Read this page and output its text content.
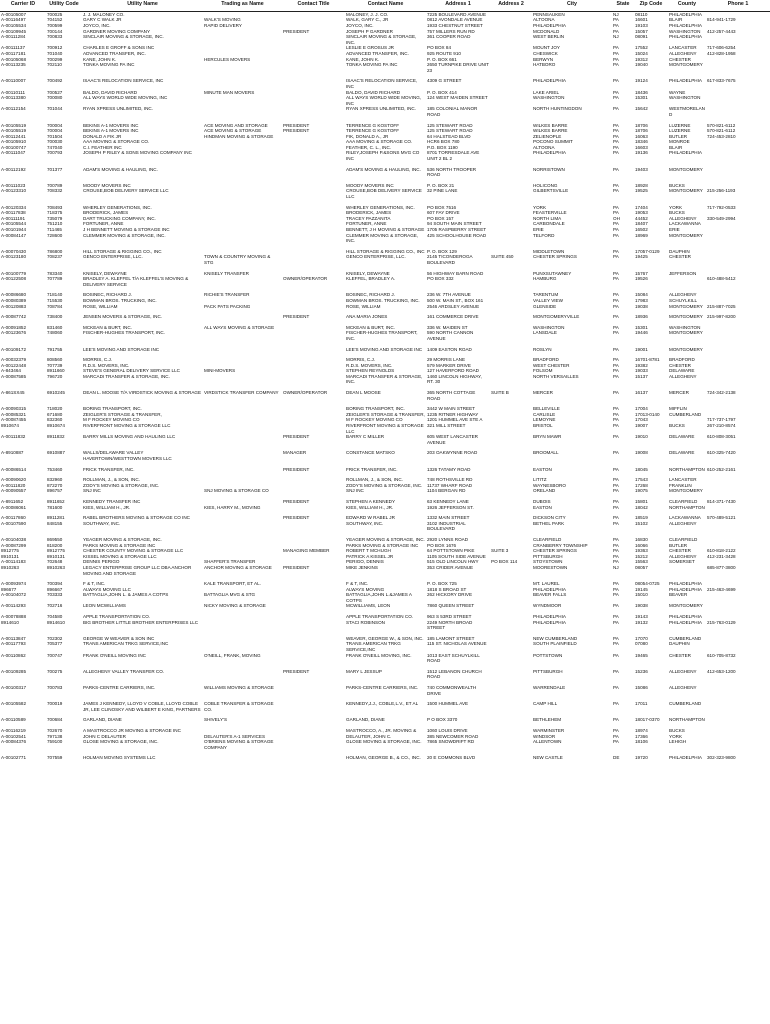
Carrier ID	Utility Code	Utility Name	Trading as Name	Contact Title	Contact Name	Address 1	Address 2	City	State	Zip Code	County	Phone 1
A-00105007	700025	J. J. MALONEY CO.			MALONEY, J. J. CO.	7225 BOULEVARD AVENUE		PENNSAUKEN	NJ	08110	PHILADELPHIA	
A-00116497	704152	GARY C WALK JR	WALK'S MOVING		WALK, GARY C., JR	0812 AVONDALE AVENUE		ALTOONA	PA	16601	BLAIR	814-941-1729
A-00105534	700599	JOYCO, INC.	RAPID DELIVERY		JOYCO, INC.	1933 CHESTNUT STREET		PHILADELPHIA	PA	19103	PHILADELPHIA	
A-00109945	700144	GARDNER MOVING COMPANY		PRESIDENT	JOSEPH P GARDNER	757 MILLERS RUN RD		MCDONALD	PA	15057	WASHINGTON	412-257-4443
A-00111284	700833	SINCLAIR MOVING & STORAGE, INC.			SINCLAIR MOVING & STORAGE, INC.	361 COOPER ROAD		WEST BERLIN	NJ	08091	PHILADELPHIA	
A-00111137	700912	CHARLES E GROFF & SONS INC			LESLIE E GROSUS JR	PO BOX 84		MOUNT JOY	PA	17552	LANCASTER	717-606-6254
A-00117181	701040	ADVANCED TRANSFER, INC.			ADVANCED TRANSFER, INC.	925 ROUTE 910		CHESWICK	PA	15024	ALLEGHENY	412-828-1958
A-00105068	700299	KANE, JOHN K.	HERCULES MOVERS		KANE, JOHN K.	P. O. BOX 661		BERWYN	PA	19312	CHESTER	
A-00113235	702110	TONKA MOVING PA INC			TONKA MOVING PA INC	2650 TURNPIKE DRIVE UNIT 23		HATBORO	PA	19040	MONTGOMERY	

A-00110007	700492	ISAAC'S RELOCATION SERVICE, INC			ISAAC'S RELOCATION SERVICE, INC	4309 G STREET		PHILADELPHIA	PA	19124	PHILADELPHIA	617-833-7675
A-00110111	700527	BALDO, DAVID RICHARD	MINUTE MAN MOVERS		BALDO, DAVID RICHARD	P. O. BOX 414		LAKE ARIEL	PA	18436	WAYNE	
A-00113380	700080	ALL WAYS WORLD WIDE MOVING, INC			ALL WAYS WORLD WIDE MOVING, INC	124 WEST MAIDEN STREET		WASHINGTON	PA	15301	WASHINGTON	
A-00112154	701044	RYAN XPRESS UNLIMITED, INC.			RYAN XPRESS UNLIMITED, INC.	185 COLONIAL MANOR ROAD		NORTH HUNTINGDON	PA	15642	WESTMORELAND	

A-00105519	700004	BEKINS A-1 MOVERS INC	ACE MOVING AND STORAGE	PRESIDENT	TERRENCE G KOSTOFF	125 STEWART ROAD		WILKES BARRE	PA	18706	LUZERNE	570-821-6112
A-00105519	700004	BEKINS A-1 MOVERS INC	ACE MOVING & STORAGE	PRESIDENT	TERRENCE G KOSTOFF	125 STEWART ROAD		WILKES BARRE	PA	18706	LUZERNE	570-821-6112
A-00112441	701504	DONALD A FIK JR	HINDMAN MOVING & STORAGE		FIK, DONALD A., JR	64 HALSTEAD BLVD		ZELIENOPLE	PA	16063	BUTLER	724-453-2810
A-00105910	700030	AAA MOVING & STORAGE CO.			AAA MOVING & STORAGE CO.	HCR6 BOX 780		POCONO SUMMIT	PA	18346	MONROE	
A-00100747	747040	C.I. FEATHER INC			FEATHER, C. L., INC.	P.O. BOX 1190		ALTOONA	PA	16603	BLAIR	
A-00111047	700793	JOSEPH P RILEY & SONS MOVING COMPANY INC			RILEY,JOSEPH P.&SONS MVG CO INC	8701 TORRESDALE AVE UNIT 2 BL 2		PHILADELPHIA	PA	19136	PHILADELPHIA	

A-00112192	701377	ADAM'S MOVING & HAULING, INC.			ADAM'S MOVING & HAULING, INC.	536 NORTH TROOPER ROAD		NORRISTOWN	PA	19403	MONTGOMERY	

A-00111023	700789	MOODY MOVERS INC			MOODY MOVERS INC	P. O. BOX 21		HOLICONG	PA	18928	BUCKS	
A-00123310	708332	CROUSE,BOB DELIVERY SERVICE LLC			CROUSE,BOB DELIVERY SERVICE LLC	32 PINE LANE		GILBERTSVILLE	PA	19525	MONTGOMERY	215-256-1193

A-00120334	708493	WHERLEY GENERATIONS, INC.			WHERLEY GENERATIONS, INC.	PO BOX 7516		YORK	PA	17404	YORK	717-792-0533
A-00117838	718375	BRODERICK, JAMES			BRODERICK, JAMES	607 FAY DRIVE		FEASTERVILLE	PA	19053	BUCKS	
A-00111191	735079	DART TRUCKING COMPANY, INC.			TRACEY PAZZANITA	PO BOX 157		NORTH LIMA	OH	44452	ALLEGHENY	330-549-2994
A-00105544	751210	FORTUNER, ANNE			FORTUNER, ANNE	94 SOUTH MAIN STREET		CARBONDALE	PA	18407	LACKAWANNA	
A-00101944	711465	J H BENNETT MOVING & STORAGE INC			BENNETT, J H MOVING & STORAGE	1705 RASPBERRY STREET		ERIE	PA	16502	ERIE	
A-00084147	728600	CLEMMER MOVING & STORAGE, INC.			CLEMMER MOVING & STORAGE, INC.	425 SCHOOLHOUSE ROAD		TELFORD	PA	18969	MONTGOMERY	

A-00070430	786800	HILL STORAGE & RIGGING CO., INC			HILL STORAGE & RIGGING CO., INC	P. O. BOX 129		MIDDLETOWN	PA	17057-0129	DAUPHIN	
A-00123180	708237	GENCO ENTERPRISE, LLC.	TOWN & COUNTRY MOVING & STG		GENCO ENTERPRISE, LLC.	2145 TICONDEROGA BOULEVARD	SUITE 450	CHESTER SPRINGS	PA	19425	CHESTER	

A-00100779	783340	KNISELY, DEWAYNE	KNISELY TRANSFER		KNISELY, DEWAYNE	56 HIGHWAY BARN ROAD		PUNXSUTAWNEY	PA	15767	JEFFERSON	
A-00122508	707789	BRADLEY A. KLEFFEL T/A KLEFFEL'S MOVING & DELIVERY SERVICE		OWNER/OPERATOR	KLEFFEL, BRADLEY A.	PO BOX 332		HAMBURG	PA	19526		610-488-5412

A-00086680	718140	BOSINEC, RICHARD J.	RICHIE'S TRANSFER		BOSINEC, RICHARD J.	236 W. 7TH AVENUE		TARENTUM	PA	15084	ALLEGHENY	
A-00080389	715530	BOWMAN BROS. TRUCKING, INC.			BOWMAN BROS. TRUCKING, INC.	500 W. MAIN ST., BOX 161		VALLEY VIEW	PA	17983	SCHUYLKILL	
A-00120883	708784	ROSE, WILLIAM	PACK PATS PACKING		ROSE, WILLIAM	2546 ARDSLEY AVENUE		GLENSIDE	PA	19038	MONTGOMERY	215-887-7025

A-00087742	738400	JENSEN MOVERS & STORAGE, INC.		PRESIDENT	ANA MARIA JONES	161 COMMERCE DRIVE		MONTGOMERYVILLE	PA	18936	MONTGOMERY	215-997-8200

A-00091852	831460	MCKEAN & BURT, INC.	ALL WAYS MOVING & STORAGE		MCKEAN & BURT, INC.	336 W. MAIDEN ST		WASHINGTON	PA	15301	WASHINGTON	
A-00123676	748060	FISCHER-HUGHES TRANSPORT, INC.			FISCHER-HUGHES TRANSPORT, INC.	590 NORTH CANNON AVENUE		LANSDALE	PA	19446	MONTGOMERY	

A-00109172	791755	LEE'S MOVING AND STORAGE INC			LEE'S MOVING AND STORAGE INC	1409 EASTON ROAD		ROSLYN	PA	19001	MONTGOMERY	

A-00032379	808560	MORRIS, C.J.			MORRIS, C.J.	29 MORRIS LANE		BRADFORD	PA	16701-8781	BRADFORD	
A-00122448	707739	R.D.S. MOVERS, INC.			R.D.S. MOVERS, INC.	579 MARKER DRIVE		WEST CHESTER	PA	19382	CHESTER	
A-843464	8911660	STEVE'S GENERAL DELIVERY SERVICE LLC	MINI-MOVERS		STEPHEN REYNOLDS	127 HAVERFORD ROAD		FOLSOM	PA	19033	DELAWARE	
A-00087585	796720	MARCADI TRANSFER & STORAGE, INC.			MARCADI TRANSFER & STORAGE, INC.	1460 LINCOLN HIGHWAY, RT. 30		NORTH VERSAILLES	PA	15137	ALLEGHENY	

A-861SX45	6910245	DEAN L. MOOSE T/A VIRDSTICK MOVING & STORAGE	VIRDSTICK TRANSFER COMPANY	OWNER/OPERATOR	DEAN L MOOSE	365 NORTH COTTAGE ROAD	SUITE B	MERCER	PA	16137	MERCER	724-342-2138

A-00090315	718020	BORING TRANSPORT, INC.			BORING TRANSPORT, INC.	3442 W MAIN STREET		BELLEVILLE	PA	17004	MIFFLIN	
A-00085321	671680	ZEIGLER'S STORAGE & TRANSFER,			ZEIGLER'S STORAGE & TRANSFER,	1235 RITNER HIGHWAY		CARLISLE	PA	17013-0140	CUMBERLAND	
A-00087455	832360	M F ROCKEY MOVING CO			M F ROCKEY MOVING CO	1201 HUMMEL AVE STE A		LEMOYNE	PA	17043		717-737-1797
8910674	8910674	RIVERFRONT MOVING & STORAGE LLC			RIVERFRONT MOVING & STORAGE LLC	321 MILL STREET		BRISTOL	PA	19007	BUCKS	267-210-8574
A-00111832	8911832	BARRY MILLS MOVING AND HAULING LLC		PRESIDENT	BARRY C MILLER	605 WEST LANCASTER AVENUE		BRYN MAWR	PA	19010	DELAWARE	610-808-3051

A-8910887	6910887	WALLS/DELAWARE VALLEY HAVERTOWN/WESTTOWN MOVERS LLC		MANAGER	CONSTANCE MATSKO	203 OAKWYNNE ROAD		BROOMALL	PA	19008	DELAWARE	610-325-7420

A-00086514	753460	FRICK TRANSFER, INC.		PRESIDENT	FRICK TRANSFER, INC.	1326 TATAMY ROAD		EASTON	PA	18045	NORTHAMPTON	610-252-2161

A-00090620	832960	ROLLMAN, J., & SON, INC.			ROLLMAN, J., & SON, INC.	748 ROTHSVILLE RD		LITITZ	PA	17543	LANCASTER	
A-00111820	872270	ZODY'S MOVING & STORAGE, INC.			ZODY'S MOVING & STORAGE, INC.	11737 WHARF ROAD		WAYNESBORO	PA	17268	FRANKLIN	
A-00090557	896757	SNJ INC	SNJ MOVING & STORAGE CO		SNJ INC	1104 BERGAN RD		ORELAND	PA	19075	MONTGOMERY	

A-8911652	8911652	KENNEDY TRANSFER INC		PRESIDENT	STEPHEN A KENNEDY	63 KENNEDY LANE		DUBOIS	PA	15801	CLEARFIELD	814-371-7430
A-00086061	781600	KIES, WILLIAM H., JR.	KIES, HARRY M., MOVING		KIES, WILLIAM H., JR.	1926 JEFFERSON ST.		EASTON	PA	18042	NORTHAMPTON	

A-00117860	8911281	RABEL BROTHERS MOVING & STORAGE CO INC		PRESIDENT	EDWARD W RABEL JR	1332 MAIN STREET		DICKSON CITY	PA	18519	LACKAWANNA	570-489-5121
A-00107590	848155	SOUTHWAY, INC.			SOUTHWAY, INC.	3102 INDUSTRIAL BOULEVARD		BETHEL PARK	PA	15102	ALLEGHENY	

A-00104038	869550	YEAGER MOVING & STORAGE, INC.			YEAGER MOVING & STORAGE, INC.	2920 LYNNS ROAD		CLEARFIELD	PA	16830	CLEARFIELD	
A-00087299	818200	PARKS MOVING & STORAGE INC			PARKS MOVING & STORAGE INC	PO BOX 1676		CRANBERRY TOWNSHIP	PA	16066	BUTLER	
8912775	8912775	CHESTER COUNTY MOVING & STORAGE LLC		MANAGING MEMBER	ROBERT T MCHUGH	64 POTTSTOWN PIKE	SUITE 3	CHESTER SPRINGS	PA	19363	CHESTER	610-818-2122
8910131	8910131	KISSEL MOVING & STORAGE LLC			PATRICK A KISSEL JR	1105 SOUTH SIDE AVENUE		PITTSBURGH	PA	15212	ALLEGHENY	412-231-3428
A-00114183	702648	DENNIS PERIGO	SHAFFER'S TRANSFER		PERIGO, DENNIS	515 OLD LINCOLN HWY	PO BOX 114	STOYSTOWN	PA	15563	SOMERSET	
8910263	8910263	LEGACY ENTERPRISE GROUP LLC DBA ANCHOR MOVING AND STORAGE	ANCHOR MOVING & STORAGE	PRESIDENT	MIKE JENKINS	353 CRIDER AVENUE		MOORESTOWN	NJ	08057		685-877-3800

A-00093974	700394	F & T, INC.	KALE TRANSPORT, ET AL.		F & T, INC.	P. O. BOX 725		MT. LAUREL	PA	08054-0725	PHILADELPHIA	
896677	896667	ALWAYS MOVING LLC			ALWAYS MOVING	1818 S BROAD ST		PHILADELPHIA	PA	19145	PHILADELPHIA	215-463-4699
A-00104072	703333	BATTAGLIA,JOHN L. & JAMES A COTPS	BATTAGLIA MVG & STG		BATTAGLIA,JOHN L.&JAMES A COTPS	262 HICKORY DRIVE		BEAVER FALLS	PA	15010	BEAVER	
A-00114293	702716	LEON MCWILLIAMS	NICKY MOVING & STORAGE		MCWILLIAMS, LEON	7860 QUEEN STREET		WYNDMOOR	PA	19038	MONTGOMERY	

A-00078888	704580	APPLE TRANSPORTATION CO.			APPLE TRANSPORTATION CO.	963 S 53RD STREET		PHILADELPHIA	PA	19143	PHILADELPHIA	
8914610	8914610	BIG BROTHER LITTLE BROTHER ENTERPRISES LLC			STACI ROBINSON	2249 NORTH BROAD STREET		PHILADELPHIA	PA	19132	PHILADELPHIA	215-763-0129

A-00113847	702302	GEORGE W WEAVER & SON INC			WEAVER, GEORGE W., & SON, INC.	185 LAMONT STREET		NEW CUMBERLAND	PA	17070	CUMBERLAND	
A-00117793	705377	TRANS AMERICAN TRKG SERVICE,INC			TRANS AMERICAN TRKG SERVICE,INC	115 ST. NICHOLAS AVENUE		SOUTH PLAINFIELD	PA	07080	DAUPHIN	
A-00110862	700747	FRANK O'NEILL MOVING INC	O'NEILL, FRANK, MOVING		FRANK O'NEILL MOVING, INC.	1013 EAST SCHUYLKILL ROAD		POTTSTOWN	PA	19465	CHESTER	610-705-8732

A-00109285	700275	ALLEGHENY VALLEY TRANSFER CO.		PRESIDENT	MARY L JESSUP	1512 LEBANON CHURCH ROAD		PITTSBURGH	PA	15236	ALLEGHENY	412-653-1200

A-00100317	700783	PARKS-CENTRE CARRIERS, INC.	WILLIAMS MOVING & STORAGE		PARKS-CENTRE CARRIERS, INC.	740 COMMONWEALTH DRIVE		WARRENDALE	PA	15086	ALLEGHENY	

A-00105582	700019	JAMES J KENNEDY, LLOYD V COBLE, LLOYD COBLE JR, LEE CLINOSKY AND WILBERT E KING, PARTNERS	COBLE TRANSFER & STORAGE CO.		KENNEDY,J.J., COBLE,L.V., ET AL	1500 HUMMEL AVE		CAMP HILL	PA	17011	CUMBERLAND	

A-00110589	700684	GARLAND, DIANE	SHIVELY'S		GARLAND, DIANE	P O BOX 3370		BETHLEHEM	PA	18017-0370	NORTHAMPTON	

A-00116219	702670	A MASTROCCO JR MOVING & STORAGE INC			MASTROCCO, A., JR. MOVING &	1060 LOUIS DRIVE		WARMINSTER	PA	18974	BUCKS	
A-00102541	797138	JOHN C DELAUTER	DELAUTER'S A-1 SERVICES		DELAUTER, JOHN C.	385 NEWCOMER ROAD		WINDSOR	PA	17366	YORK	
A-00084376	759100	GLOSE MOVING & STORAGE, INC.	O'BRIENS MOVING & STORAGE COMPANY		GLOSE MOVING & STORAGE, INC.	7865 SNOWDRIFT RD		ALLENTOWN	PA	18106	LEHIGH	

A-00102771	707559	HOLMAN MOVING SYSTEMS LLC			HOLMAN, GEORGE B., & CO., INC.	20 E COMMONS BLVD		NEW CASTLE	DE	19720	PHILADELPHIA	302-323-9800
